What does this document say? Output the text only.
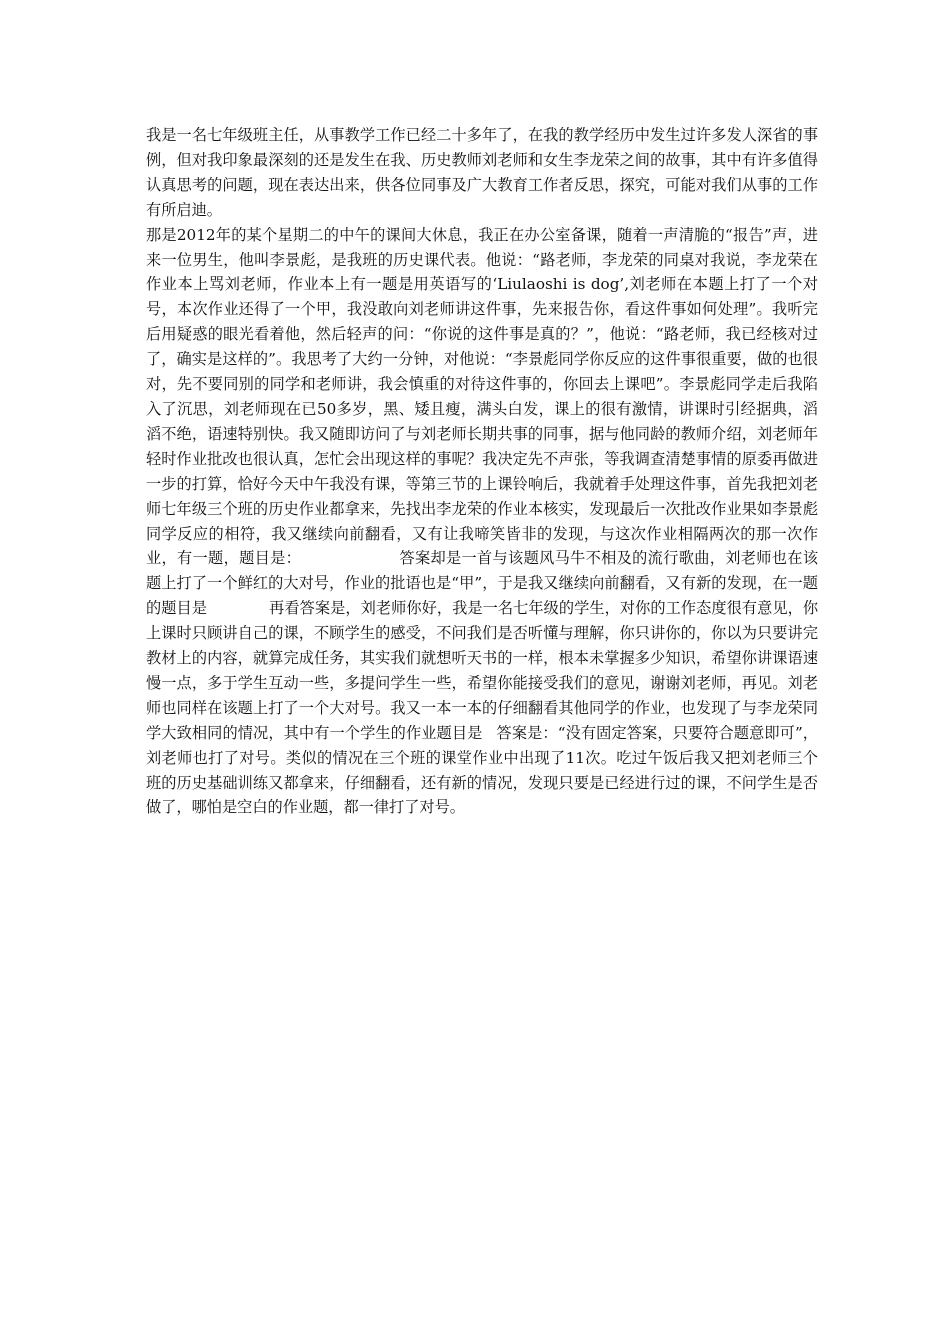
我是一名七年级班主任，从事教学工作已经二十多年了，在我的教学经历中发生过许多发人深省的事例，但对我印象最深刻的还是发生在我、历史教师刘老师和女生李龙荣之间的故事，其中有许多值得认真思考的问题，现在表达出来，供各位同事及广大教育工作者反思，探究，可能对我们从事的工作有所启迪。

那是2012年的某个星期二的中午的课间大休息，我正在办公室备课，随着一声清脆的“报告”声，进来一位男生，他叫李景彪，是我班的历史课代表。他说：“路老师，李龙荣的同桌对我说，李龙荣在作业本上骂刘老师，作业本上有一题是用英语写的‘Liulaoshi is dog’,刘老师在本题上打了一个对号，本次作业还得了一个甲，我没敢向刘老师讲这件事，先来报告你，看这件事如何处理”。我听完后用疑惑的眼光看着他，然后轻声的问：“你说的这件事是真的？”，他说：“路老师，我已经核对过了，确实是这样的”。我思考了大约一分钟，对他说：“李景彪同学你反应的这件事很重要，做的也很对，先不要同别的同学和老师讲，我会慎重的对待这件事的，你回去上课吧”。李景彪同学走后我陷入了沉思，刘老师现在已50多岁，黑、矮且瘦，满头白发，课上的很有激情，讲课时引经据典，滔滔不绝，语速特别快。我又随即访问了与刘老师长期共事的同事，据与他同龄的教师介绍，刘老师年轻时作业批改也很认真，怎忙会出现这样的事呢？我决定先不声张，等我调查清楚事情的原委再做进一步的打算，恰好今天中午我没有课，等第三节的上课铃响后，我就着手处理这件事，首先我把刘老师七年级三个班的历史作业都拿来，先找出李龙荣的作业本核实，发现最后一次批改作业果如李景彪同学反应的相符，我又继续向前翻看，又有让我啼笑皆非的发现，与这次作业相隔两次的那一次作业，有一题，题目是：	答案却是一首与该题风马牛不相及的流行歌曲，刘老师也在该题上打了一个鲜红的大对号，作业的批语也是“甲”，于是我又继续向前翻看，又有新的发现，在一题的题目是	再看答案是，刘老师你好，我是一名七年级的学生，对你的工作态度很有意见，你上课时只顾讲自己的课，不顾学生的感受，不问我们是否听懂与理解，你只讲你的，你以为只要讲完教材上的内容，就算完成任务，其实我们就想听天书的一样，根本未掌握多少知识，希望你讲课语速慢一点，多于学生互动一些，多提问学生一些，希望你能接受我们的意见，谢谢刘老师，再见。刘老师也同样在该题上打了一个大对号。我又一本一本的仔细翻看其他同学的作业，也发现了与李龙荣同学大致相同的情况，其中有一个学生的作业题目是 答案是：“没有固定答案，只要符合题意即可”，刘老师也打了对号。类似的情况在三个班的课堂作业中出现了11次。吃过午饭后我又把刘老师三个班的历史基础训练又都拿来，仔细翻看，还有新的情况，发现只要是已经进行过的课，不问学生是否做了，哪怕是空白的作业题，都一律打了对号。
